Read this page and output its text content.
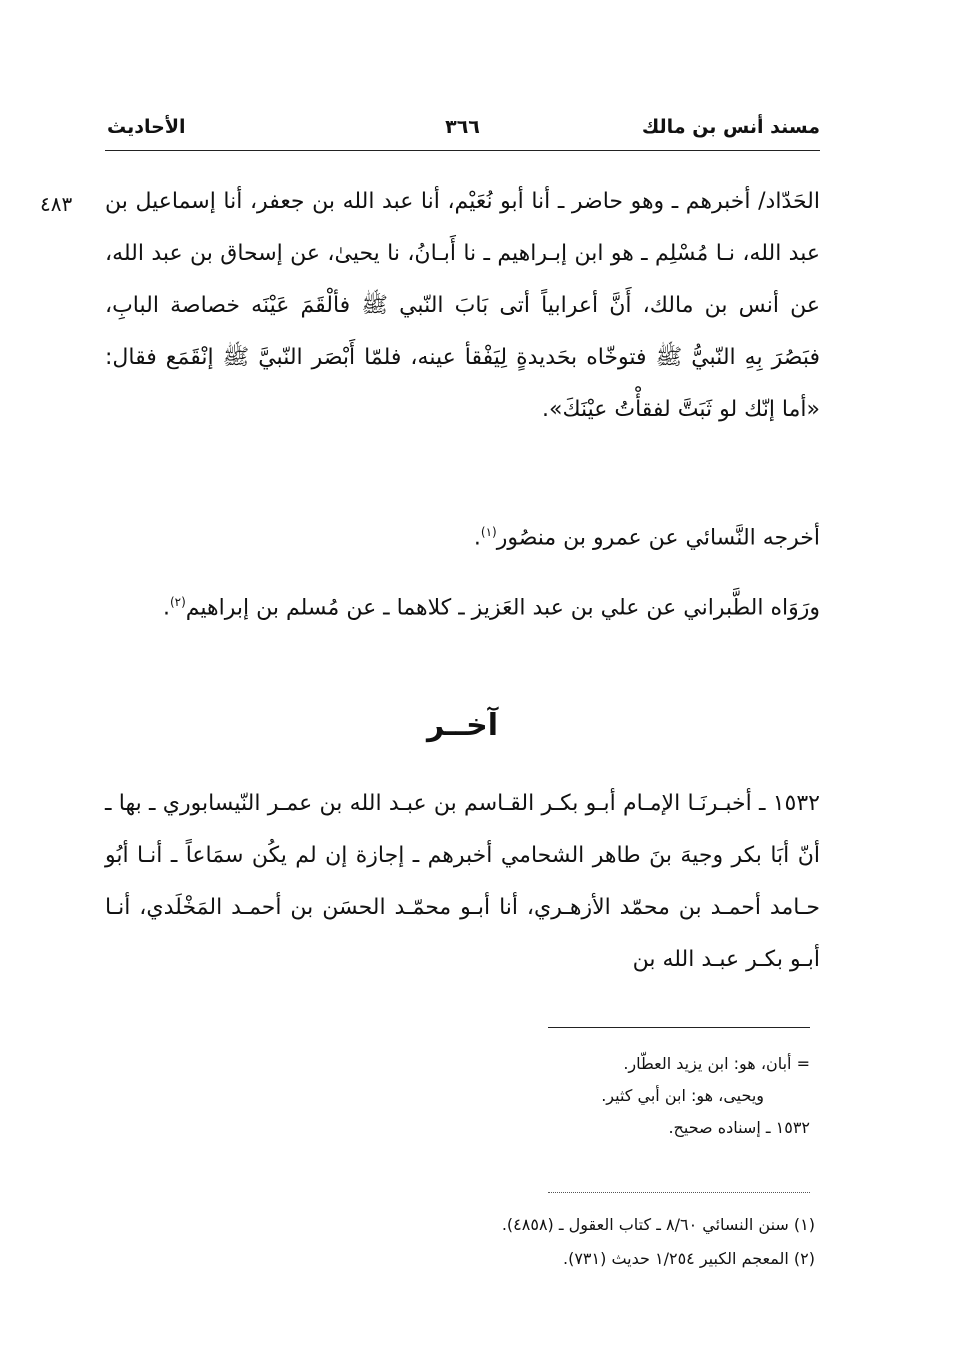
مسند أنس بن مالك
٣٦٦
الأحاديث
٤٨٣ الحَدّاد/ أخبرهم ـ وهو حاضر ـ أنا أبو نُعَيْم، أنا عبد الله بن جعفر، أنا إسماعيل بن عبد الله، نـا مُسْلِم ـ هو ابن إبـراهيم ـ نا أَبـانُ، نا يحيىٰ، عن إسحاق بن عبد الله، عن أنس بن مالك، أَنَّ أعرابياً أتى بَابَ النّبي ﷺ فألْقَمَ عَيْنَه خصاصة البابِ، فبَصُرَ بِهِ النّبيُّ ﷺ فتوخّاه بحَديدةٍ لِيَفْقأ عينه، فلمّا أَبْصَر النّبيَّ ﷺ إنْقَمَع فقال: «أما إنّك لو ثَبَتَّ لفقأْتُ عيْنَكَ».

أخرجه النَّسائي عن عمرو بن منصُور$^{(١)}$.

ورَوَاه الطَّبراني عن علي بن عبد العَزيز ـ كلاهما ـ عن مُسلم بن إبراهيم$^{(٢)}$.

آخــر

١٥٣٢ ـ أخبـرنَـا الإمـام أبـو بكـر القـاسم بن عبـد الله بن عمـر النّيسابوري ـ بها ـ أنّ أبَا بكر وجيهَ بنَ طاهر الشحامي أخبرهم ـ إجازة إن لم يكُن سمَاعاً ـ أنـا أبُو حـامد أحمـد بن محمّد الأزهـري، أنا أبـو محمّـد الحسَن بن أحمـد المَخْلَدي، أنـا أبـو بكـر عبـد الله بن

= أبان، هو: ابن يزيد العطّار.
ويحيى، هو: ابن أبي كثير.
١٥٣٢ ـ إسناده صحيح.
(١) سنن النسائي ٨/٦٠ ـ كتاب العقول ـ (٤٨٥٨).
(٢) المعجم الكبير ١/٢٥٤ حديث (٧٣١).
